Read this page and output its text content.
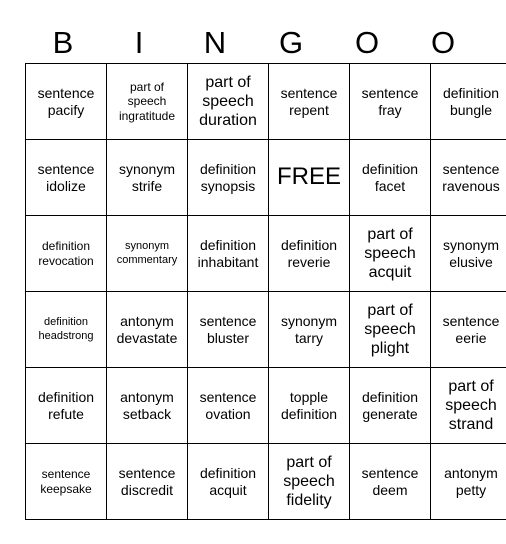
B	I	N	G	O	O
sentence pacify	part of speech ingratitude	part of speech duration	sentence repent	sentence fray	definition bungle
sentence idolize	synonym strife	definition synopsis	FREE	definition facet	sentence ravenous
definition revocation	synonym commentary	definition inhabitant	definition reverie	part of speech acquit	synonym elusive
definition headstrong	antonym devastate	sentence bluster	synonym tarry	part of speech plight	sentence eerie
definition refute	antonym setback	sentence ovation	topple definition	definition generate	part of speech strand
sentence keepsake	sentence discredit	definition acquit	part of speech fidelity	sentence deem	antonym petty
